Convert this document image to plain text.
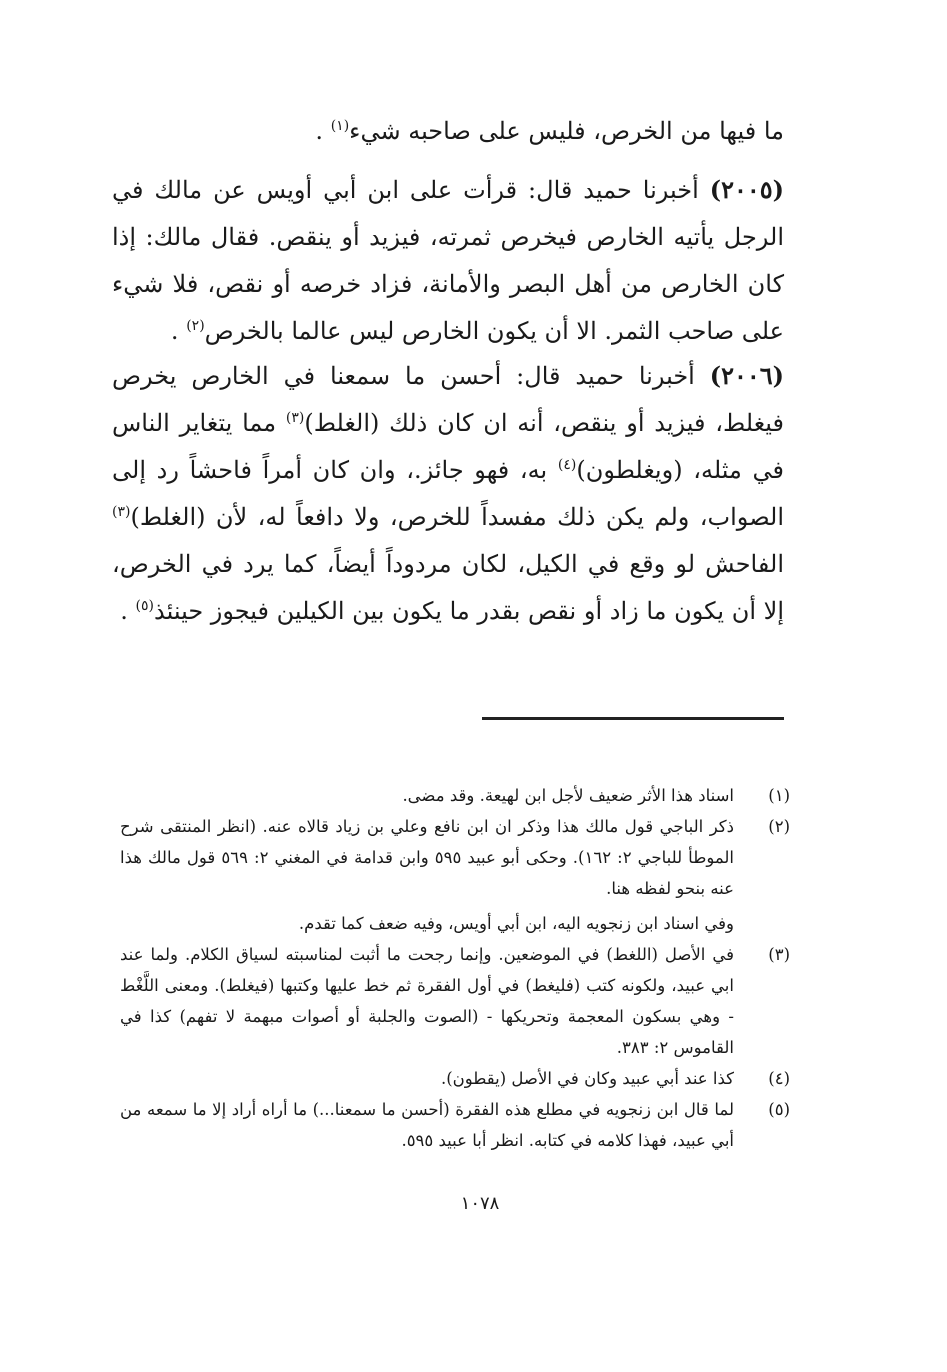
ما فيها من الخرص، فليس على صاحبه شيء$^{(١)}$ .

(٢٠٠٥) أخبرنا حميد قال: قرأت على ابن أبي أويس عن مالك في الرجل يأتيه الخارص فيخرص ثمرته، فيزيد أو ينقص. فقال مالك: إذا كان الخارص من أهل البصر والأمانة، فزاد خرصه أو نقص، فلا شيء على صاحب الثمر. الا أن يكون الخارص ليس عالما بالخرص$^{(٢)}$ .

(٢٠٠٦) أخبرنا حميد قال: أحسن ما سمعنا في الخارص يخرص فيغلط، فيزيد أو ينقص، أنه ان كان ذلك (الغلط)$^{(٣)}$ مما يتغاير الناس في مثله، (ويغلطون)$^{(٤)}$ به، فهو جائز.، وان كان أمراً فاحشاً رد إلى الصواب، ولم يكن ذلك مفسداً للخرص، ولا دافعاً له، لأن (الغلط)$^{(٣)}$ الفاحش لو وقع في الكيل، لكان مردوداً أيضاً، كما يرد في الخرص، إلا أن يكون ما زاد أو نقص بقدر ما يكون بين الكيلين فيجوز حينئذ$^{(٥)}$ .

(١)
اسناد هذا الأثر ضعيف لأجل ابن لهيعة. وقد مضى.
(٢)
ذكر الباجي قول مالك هذا وذكر ان ابن نافع وعلي بن زياد قالاه عنه. (انظر المنتقى شرح الموطأ للباجي ٢: ١٦٢). وحكى أبو عبيد ٥٩٥ وابن قدامة في المغني ٢: ٥٦٩ قول مالك هذا عنه بنحو لفظه هنا.
وفي اسناد ابن زنجويه اليه، ابن أبي أويس، وفيه ضعف كما تقدم.
(٣)
في الأصل (اللغط) في الموضعين. وإنما رجحت ما أثبت لمناسبته لسياق الكلام. ولما عند ابي عبيد، ولكونه كتب (فليغط) في أول الفقرة ثم خط عليها وكتبها (فيغلط). ومعنى اللَّغْط - وهي بسكون المعجمة وتحريكها - (الصوت والجلبة أو أصوات مبهمة لا تفهم) كذا في القاموس ٢: ٣٨٣.
(٤)
كذا عند أبي عبيد وكان في الأصل (يقطون).
(٥)
لما قال ابن زنجويه في مطلع هذه الفقرة (أحسن ما سمعنا...) ما أراه أراد إلا ما سمعه من أبي عبيد، فهذا كلامه في كتابه. انظر أبا عبيد ٥٩٥.
١٠٧٨
